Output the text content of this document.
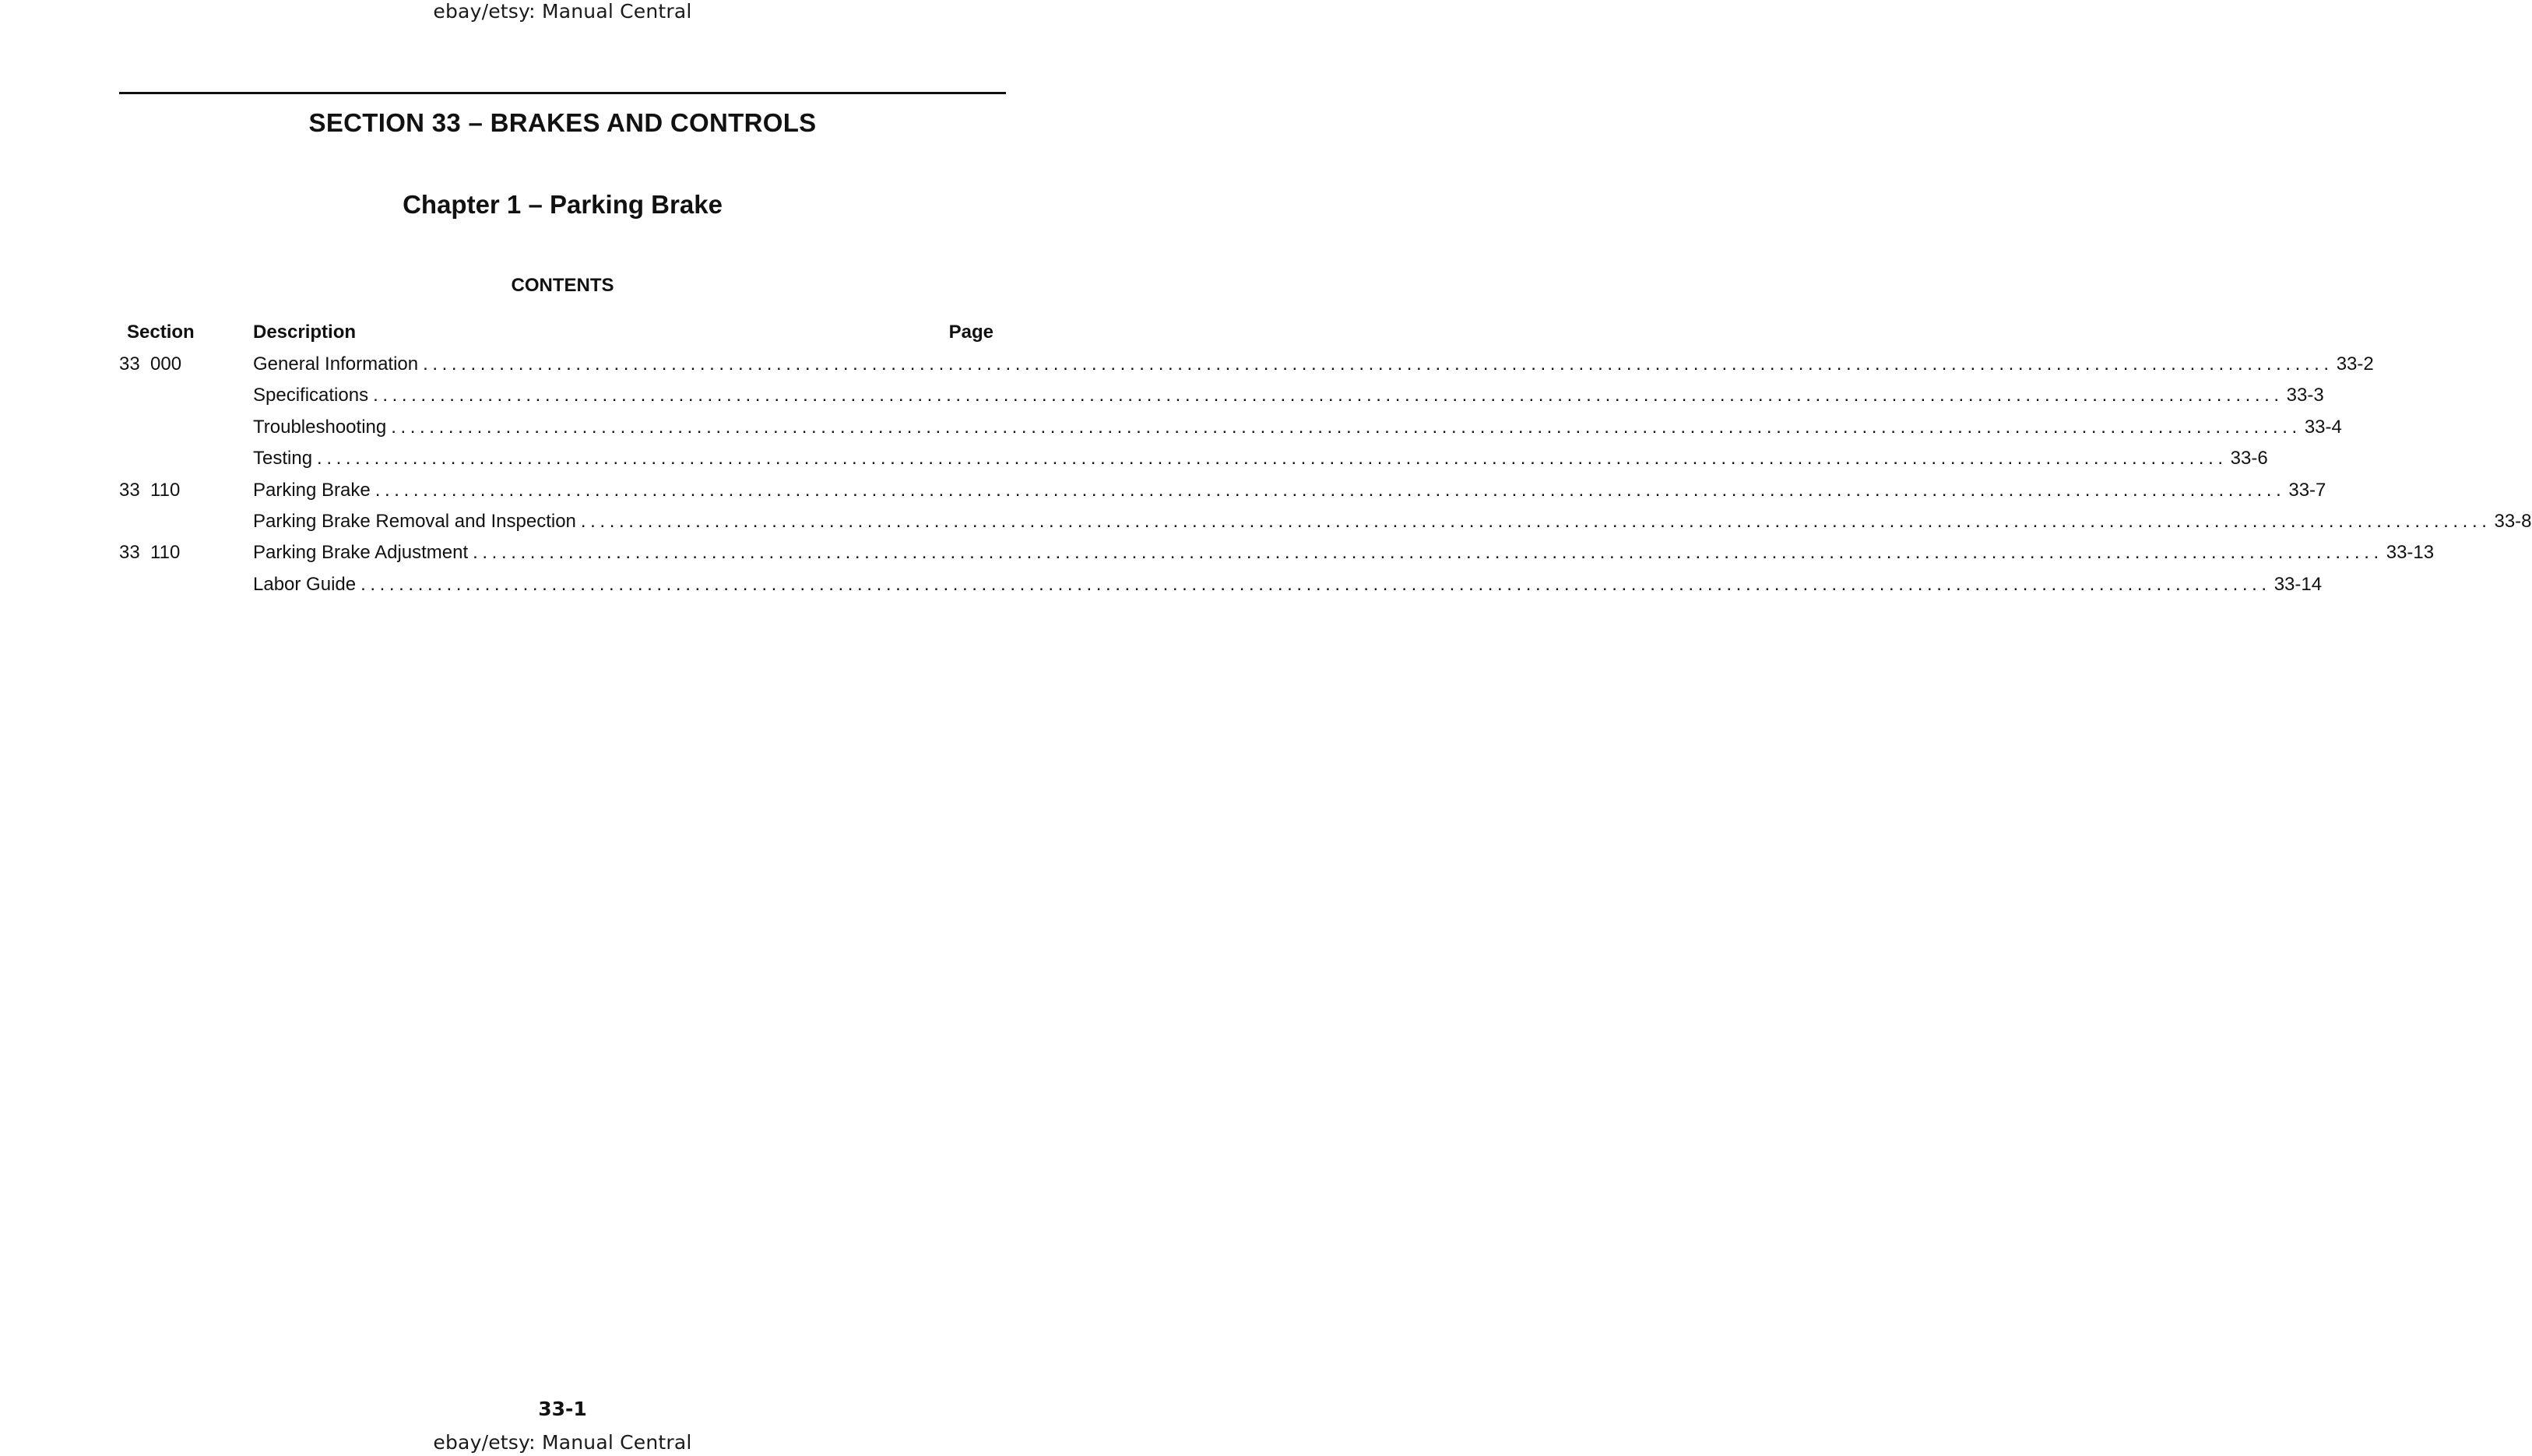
ebay/etsy: Manual Central
SECTION 33 – BRAKES AND CONTROLS
Chapter 1 – Parking Brake
CONTENTS
Section	Description	Page
33  000	General Information ........................................................................................................................................................................................................ 33-2
Specifications ........................................................................................................................................................................................................ 33-3
Troubleshooting ........................................................................................................................................................................................................ 33-4
Testing ........................................................................................................................................................................................................ 33-6
33  110	Parking Brake ........................................................................................................................................................................................................ 33-7
Parking Brake Removal and Inspection ........................................................................................................................................................................................................ 33-8
33  110	Parking Brake Adjustment ........................................................................................................................................................................................................ 33-13
Labor Guide ........................................................................................................................................................................................................ 33-14
33-1
ebay/etsy: Manual Central
